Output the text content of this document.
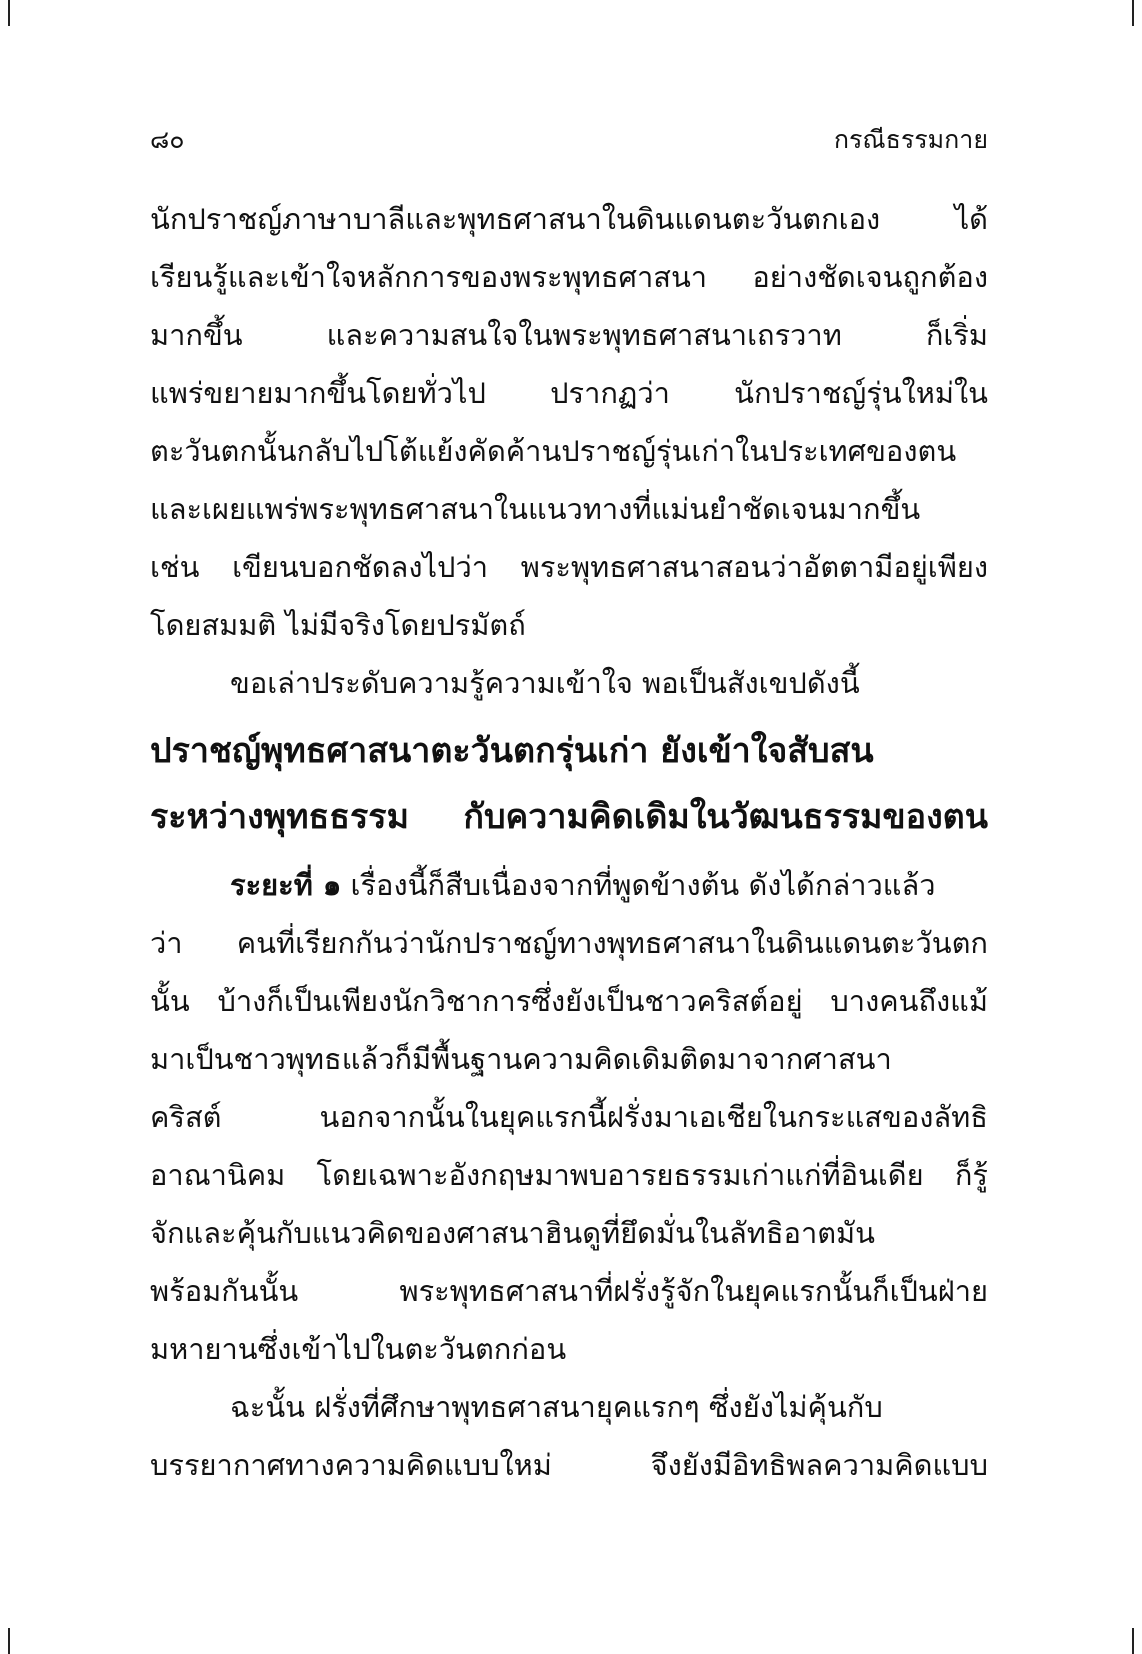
๘๐	กรณีธรรมกาย
นักปราชญ์ภาษาบาลีและพุทธศาสนาในดินแดนตะวันตกเอง ได้
เรียนรู้และเข้าใจหลักการของพระพุทธศาสนา อย่างชัดเจนถูกต้อง
มากขึ้น และความสนใจในพระพุทธศาสนาเถรวาท ก็เริ่ม
แพร่ขยายมากขึ้นโดยทั่วไป ปรากฏว่า นักปราชญ์รุ่นใหม่ใน
ตะวันตกนั้นกลับไปโต้แย้งคัดค้านปราชญ์รุ่นเก่าในประเทศของตน
และเผยแพร่พระพุทธศาสนาในแนวทางที่แม่นยำชัดเจนมากขึ้น
เช่น เขียนบอกชัดลงไปว่า พระพุทธศาสนาสอนว่าอัตตามีอยู่เพียง
โดยสมมติ ไม่มีจริงโดยปรมัตถ์
ขอเล่าประดับความรู้ความเข้าใจ พอเป็นสังเขปดังนี้
ปราชญ์พุทธศาสนาตะวันตกรุ่นเก่า ยังเข้าใจสับสน
ระหว่างพุทธธรรม กับความคิดเดิมในวัฒนธรรมของตน
ระยะที่ ๑ เรื่องนี้ก็สืบเนื่องจากที่พูดข้างต้น ดังได้กล่าวแล้ว
ว่า คนที่เรียกกันว่านักปราชญ์ทางพุทธศาสนาในดินแดนตะวันตก
นั้น บ้างก็เป็นเพียงนักวิชาการซึ่งยังเป็นชาวคริสต์อยู่ บางคนถึงแม้
มาเป็นชาวพุทธแล้วก็มีพื้นฐานความคิดเดิมติดมาจากศาสนา
คริสต์ นอกจากนั้นในยุคแรกนี้ฝรั่งมาเอเชียในกระแสของลัทธิ
อาณานิคม โดยเฉพาะอังกฤษมาพบอารยธรรมเก่าแก่ที่อินเดีย ก็รู้
จักและคุ้นกับแนวคิดของศาสนาฮินดูที่ยึดมั่นในลัทธิอาตมัน
พร้อมกันนั้น พระพุทธศาสนาที่ฝรั่งรู้จักในยุคแรกนั้นก็เป็นฝ่าย
มหายานซึ่งเข้าไปในตะวันตกก่อน
ฉะนั้น ฝรั่งที่ศึกษาพุทธศาสนายุคแรกๆ ซึ่งยังไม่คุ้นกับ
บรรยากาศทางความคิดแบบใหม่ จึงยังมีอิทธิพลความคิดแบบ
